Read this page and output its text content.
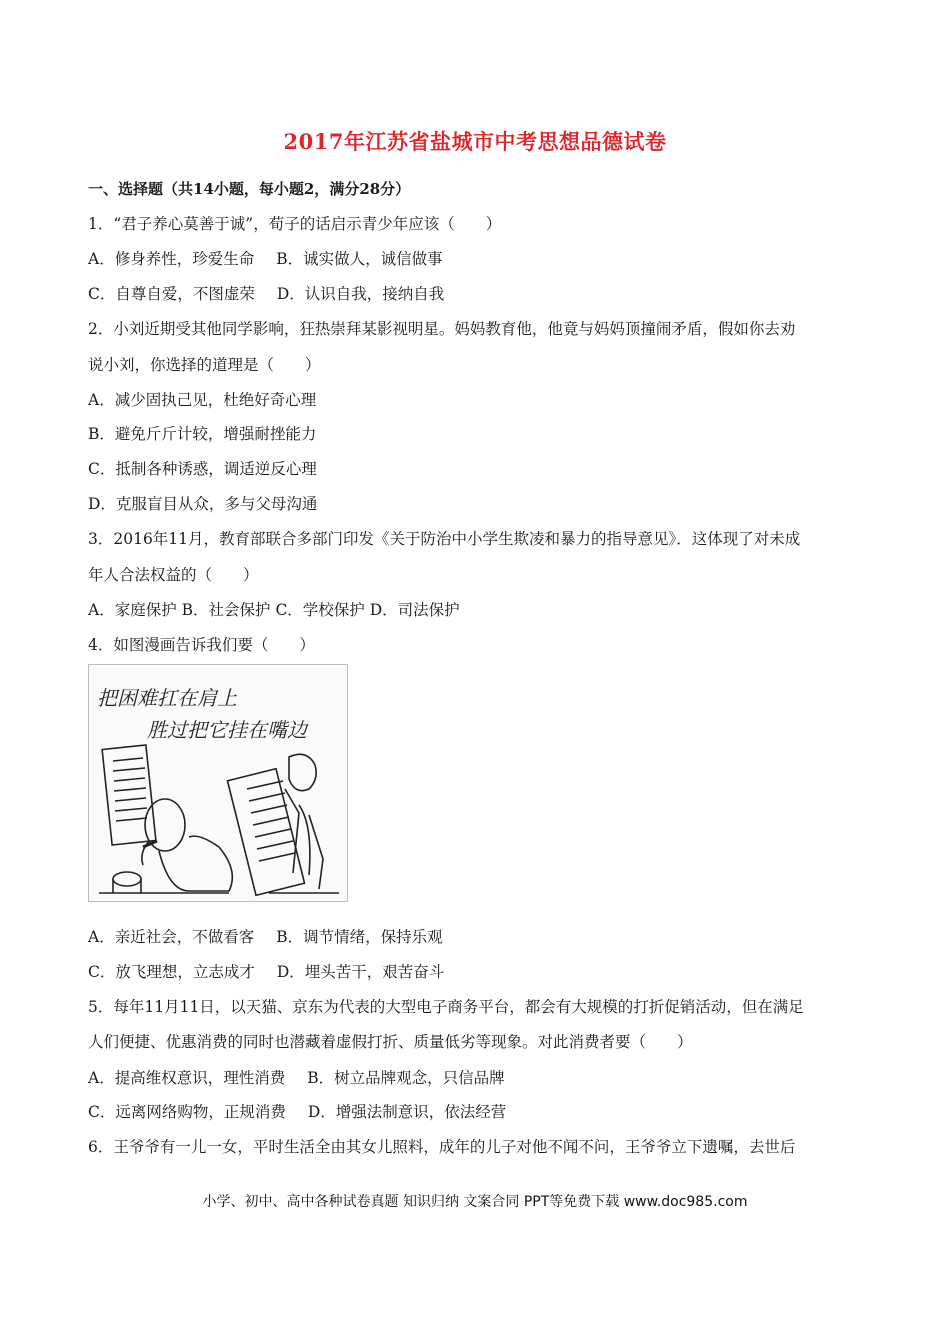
2017年江苏省盐城市中考思想品德试卷
一、选择题（共14小题，每小题2，满分28分）
1．“君子养心莫善于诚”，荀子的话启示青少年应该（　　）
A．修身养性，珍爱生命 B．诚实做人，诚信做事
C．自尊自爱，不图虚荣 D．认识自我，接纳自我
2．小刘近期受其他同学影响，狂热崇拜某影视明星。妈妈教育他，他竟与妈妈顶撞闹矛盾，假如你去劝
说小刘，你选择的道理是（　　）
A．减少固执己见，杜绝好奇心理
B．避免斤斤计较，增强耐挫能力
C．抵制各种诱惑，调适逆反心理
D．克服盲目从众，多与父母沟通
3．2016年11月，教育部联合多部门印发《关于防治中小学生欺凌和暴力的指导意见》．这体现了对未成
年人合法权益的（　　）
A．家庭保护 B．社会保护 C．学校保护 D．司法保护
4．如图漫画告诉我们要（　　）
把困难扛在肩上
胜过把它挂在嘴边
A．亲近社会，不做看客 B．调节情绪，保持乐观
C．放飞理想，立志成才 D．埋头苦干，艰苦奋斗
5．每年11月11日，以天猫、京东为代表的大型电子商务平台，都会有大规模的打折促销活动，但在满足
人们便捷、优惠消费的同时也潜藏着虚假打折、质量低劣等现象。对此消费者要（　　）
A．提高维权意识，理性消费 B．树立品牌观念，只信品牌
C．远离网络购物，正规消费 D．增强法制意识，依法经营
6．王爷爷有一儿一女，平时生活全由其女儿照料，成年的儿子对他不闻不问，王爷爷立下遗嘱，去世后
小学、初中、高中各种试卷真题 知识归纳 文案合同 PPT等免费下载 www.doc985.com
